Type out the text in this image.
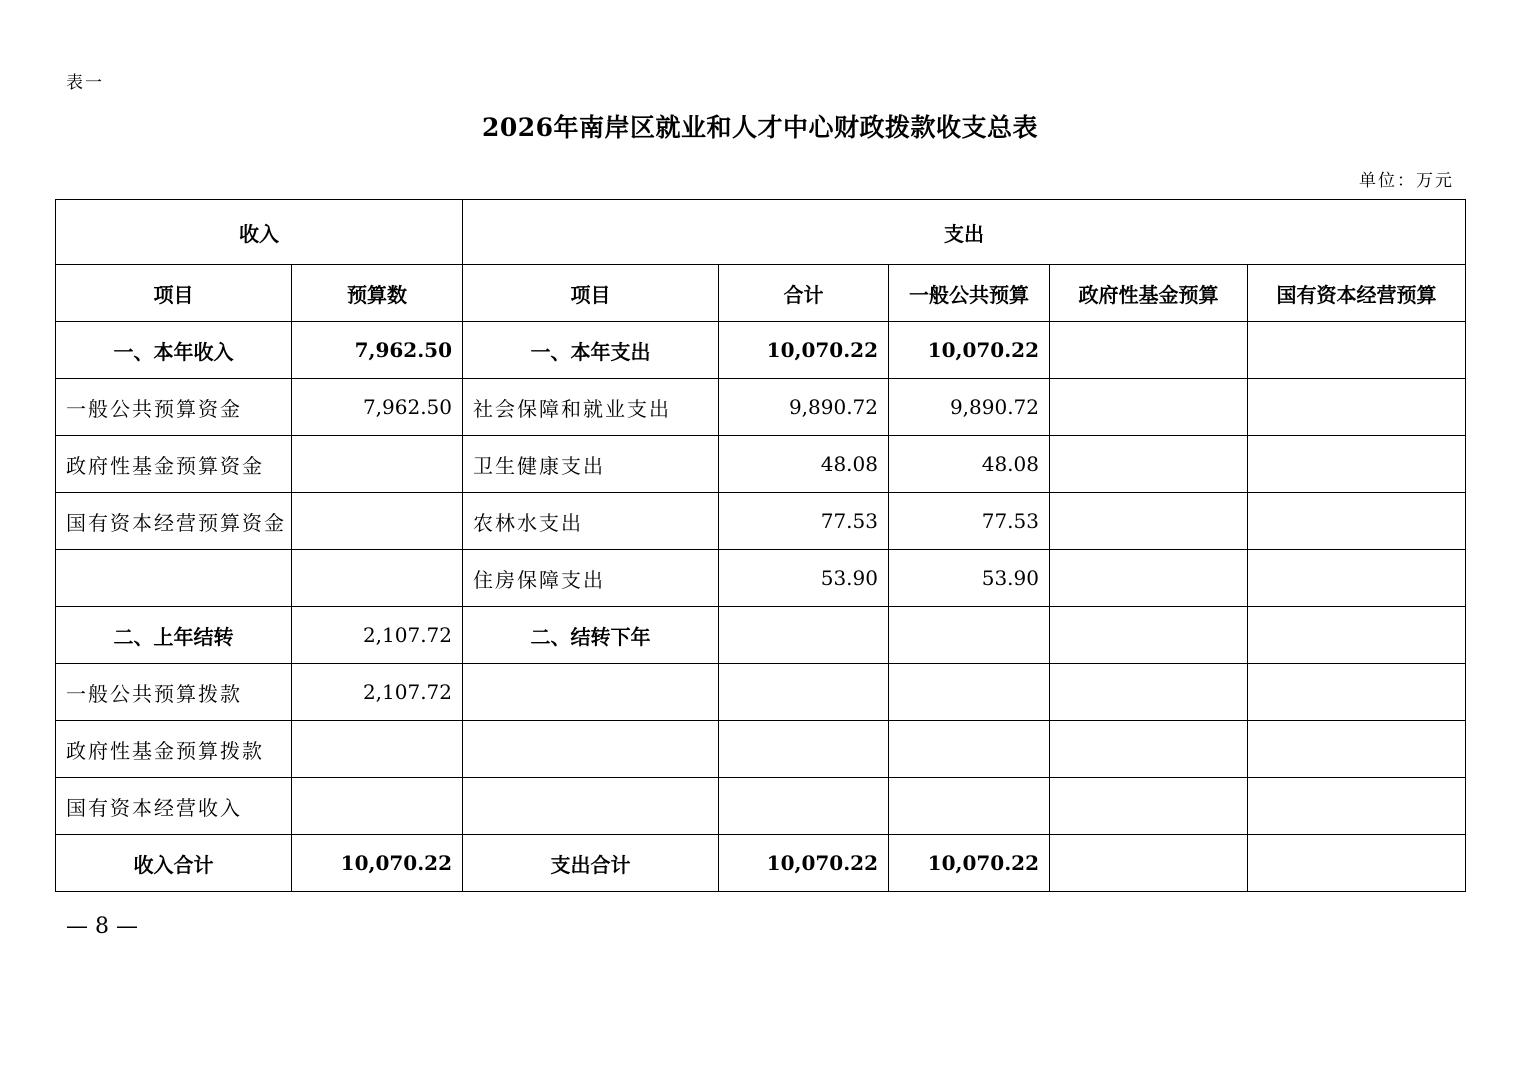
表一
2026年南岸区就业和人才中心财政拨款收支总表
单位：万元
收入		支出				
项目	预算数	项目	合计	一般公共预算	政府性基金预算	国有资本经营预算
一、本年收入	7,962.50	一、本年支出	10,070.22	10,070.22		
一般公共预算资金	7,962.50	社会保障和就业支出	9,890.72	9,890.72		
政府性基金预算资金		卫生健康支出	48.08	48.08		
国有资本经营预算资金		农林水支出	77.53	77.53		
		住房保障支出	53.90	53.90		
二、上年结转	2,107.72	二、结转下年				
一般公共预算拨款	2,107.72					
政府性基金预算拨款						
国有资本经营收入						
收入合计	10,070.22	支出合计	10,070.22	10,070.22		
— 8 —
